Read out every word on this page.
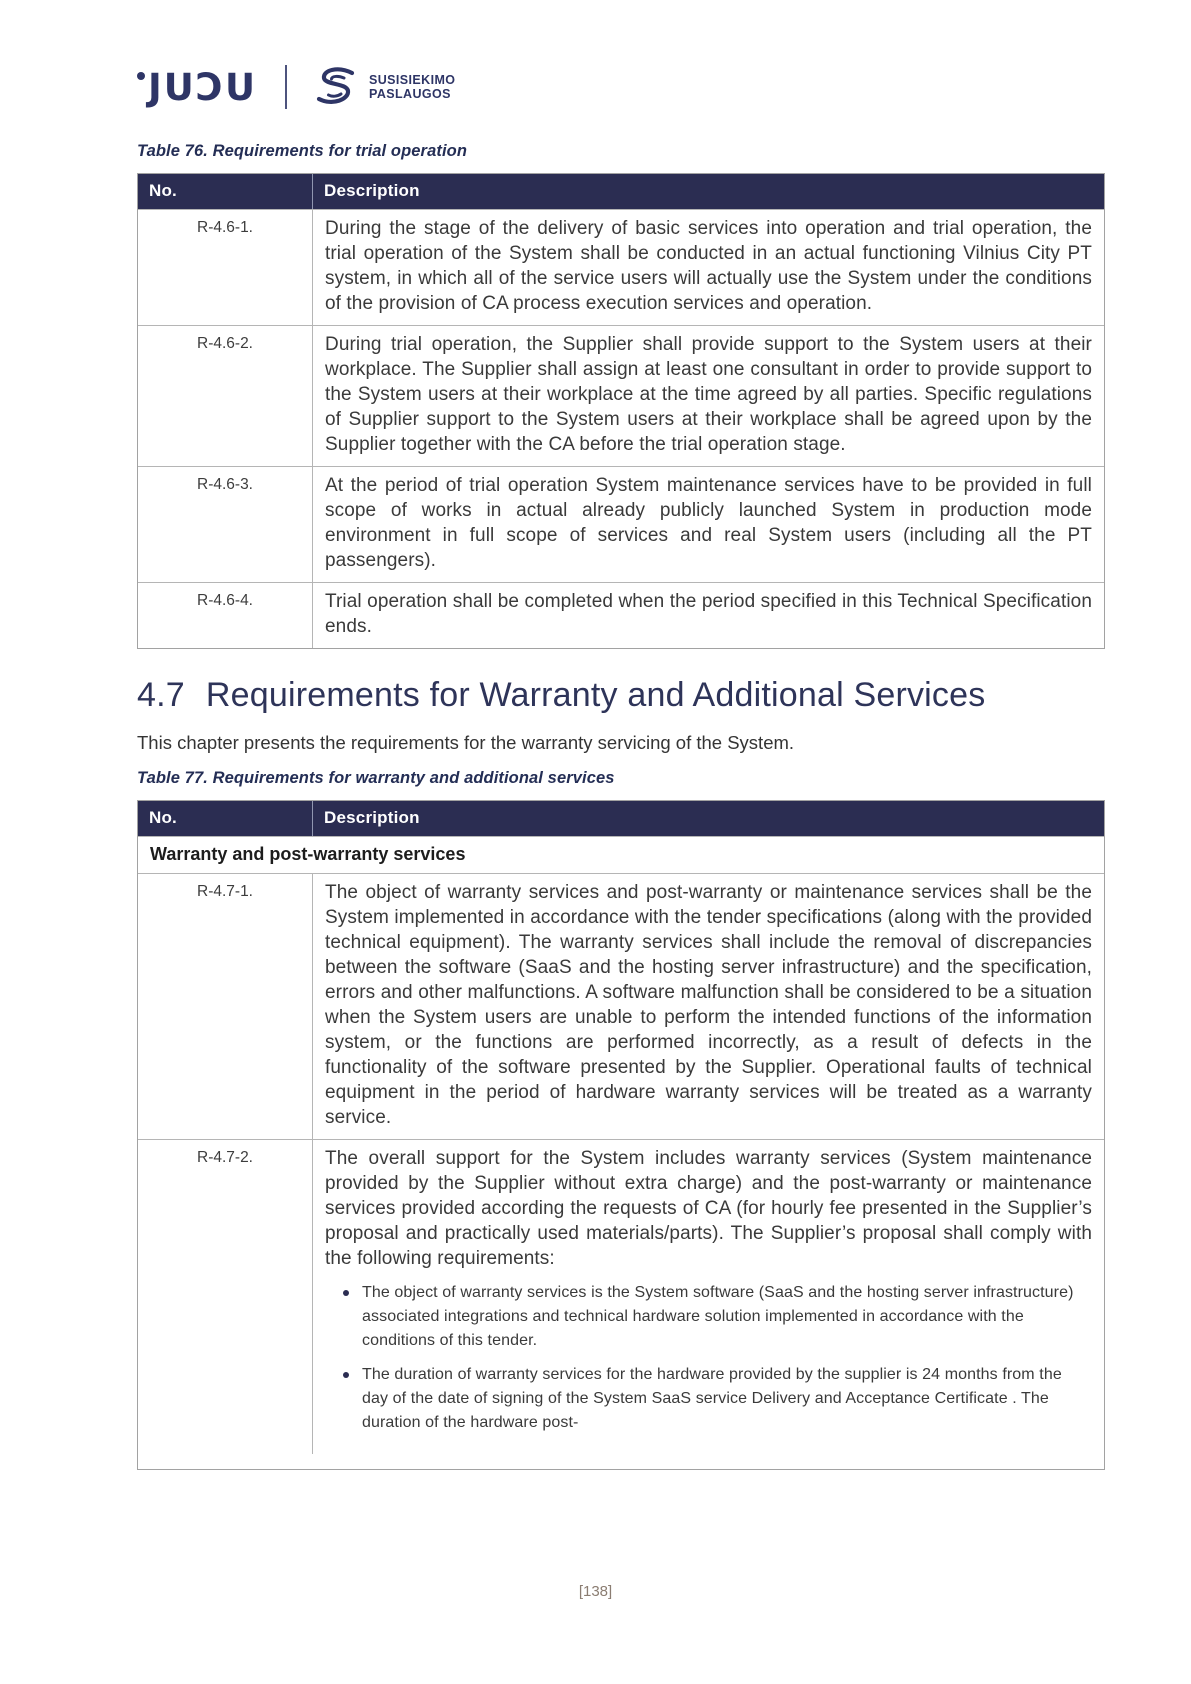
JUƆU	SUSISIEKIMO
PASLAUGOS

Table 76. Requirements for trial operation

No.	Description
R-4.6-1.	During the stage of the delivery of basic services into operation and trial operation, the trial operation of the System shall be conducted in an actual functioning Vilnius City PT system, in which all of the service users will actually use the System under the conditions of the provision of CA process execution services and operation.
R-4.6-2.	During trial operation, the Supplier shall provide support to the System users at their workplace. The Supplier shall assign at least one consultant in order to provide support to the System users at their workplace at the time agreed by all parties. Specific regulations of Supplier support to the System users at their workplace shall be agreed upon by the Supplier together with the CA before the trial operation stage.
R-4.6-3.	At the period of trial operation System maintenance services have to be provided in full scope of works in actual already publicly launched System in production mode environment in full scope of services and real System users (including all the PT passengers).
R-4.6-4.	Trial operation shall be completed when the period specified in this Technical Specification ends.
4.7 Requirements for Warranty and Additional Services

This chapter presents the requirements for the warranty servicing of the System.

Table 77. Requirements for warranty and additional services

No.	Description
Warranty and post-warranty services
R-4.7-1.	The object of warranty services and post-warranty or maintenance services shall be the System implemented in accordance with the tender specifications (along with the provided technical equipment). The warranty services shall include the removal of discrepancies between the software (SaaS and the hosting server infrastructure) and the specification, errors and other malfunctions. A software malfunction shall be considered to be a situation when the System users are unable to perform the intended functions of the information system, or the functions are performed incorrectly, as a result of defects in the functionality of the software presented by the Supplier. Operational faults of technical equipment in the period of hardware warranty services will be treated as a warranty service.
R-4.7-2.	The overall support for the System includes warranty services (System maintenance provided by the Supplier without extra charge) and the post-warranty or maintenance services provided according the requests of CA (for hourly fee presented in the Supplier’s proposal and practically used materials/parts). The Supplier’s proposal shall comply with the following requirements:

The object of warranty services is the System software (SaaS and the hosting server infrastructure) associated integrations and technical hardware solution implemented in accordance with the conditions of this tender.
The duration of warranty services for the hardware provided by the supplier is 24 months from the day of the date of signing of the System SaaS service Delivery and Acceptance Certificate . The duration of the hardware post-
[138]
